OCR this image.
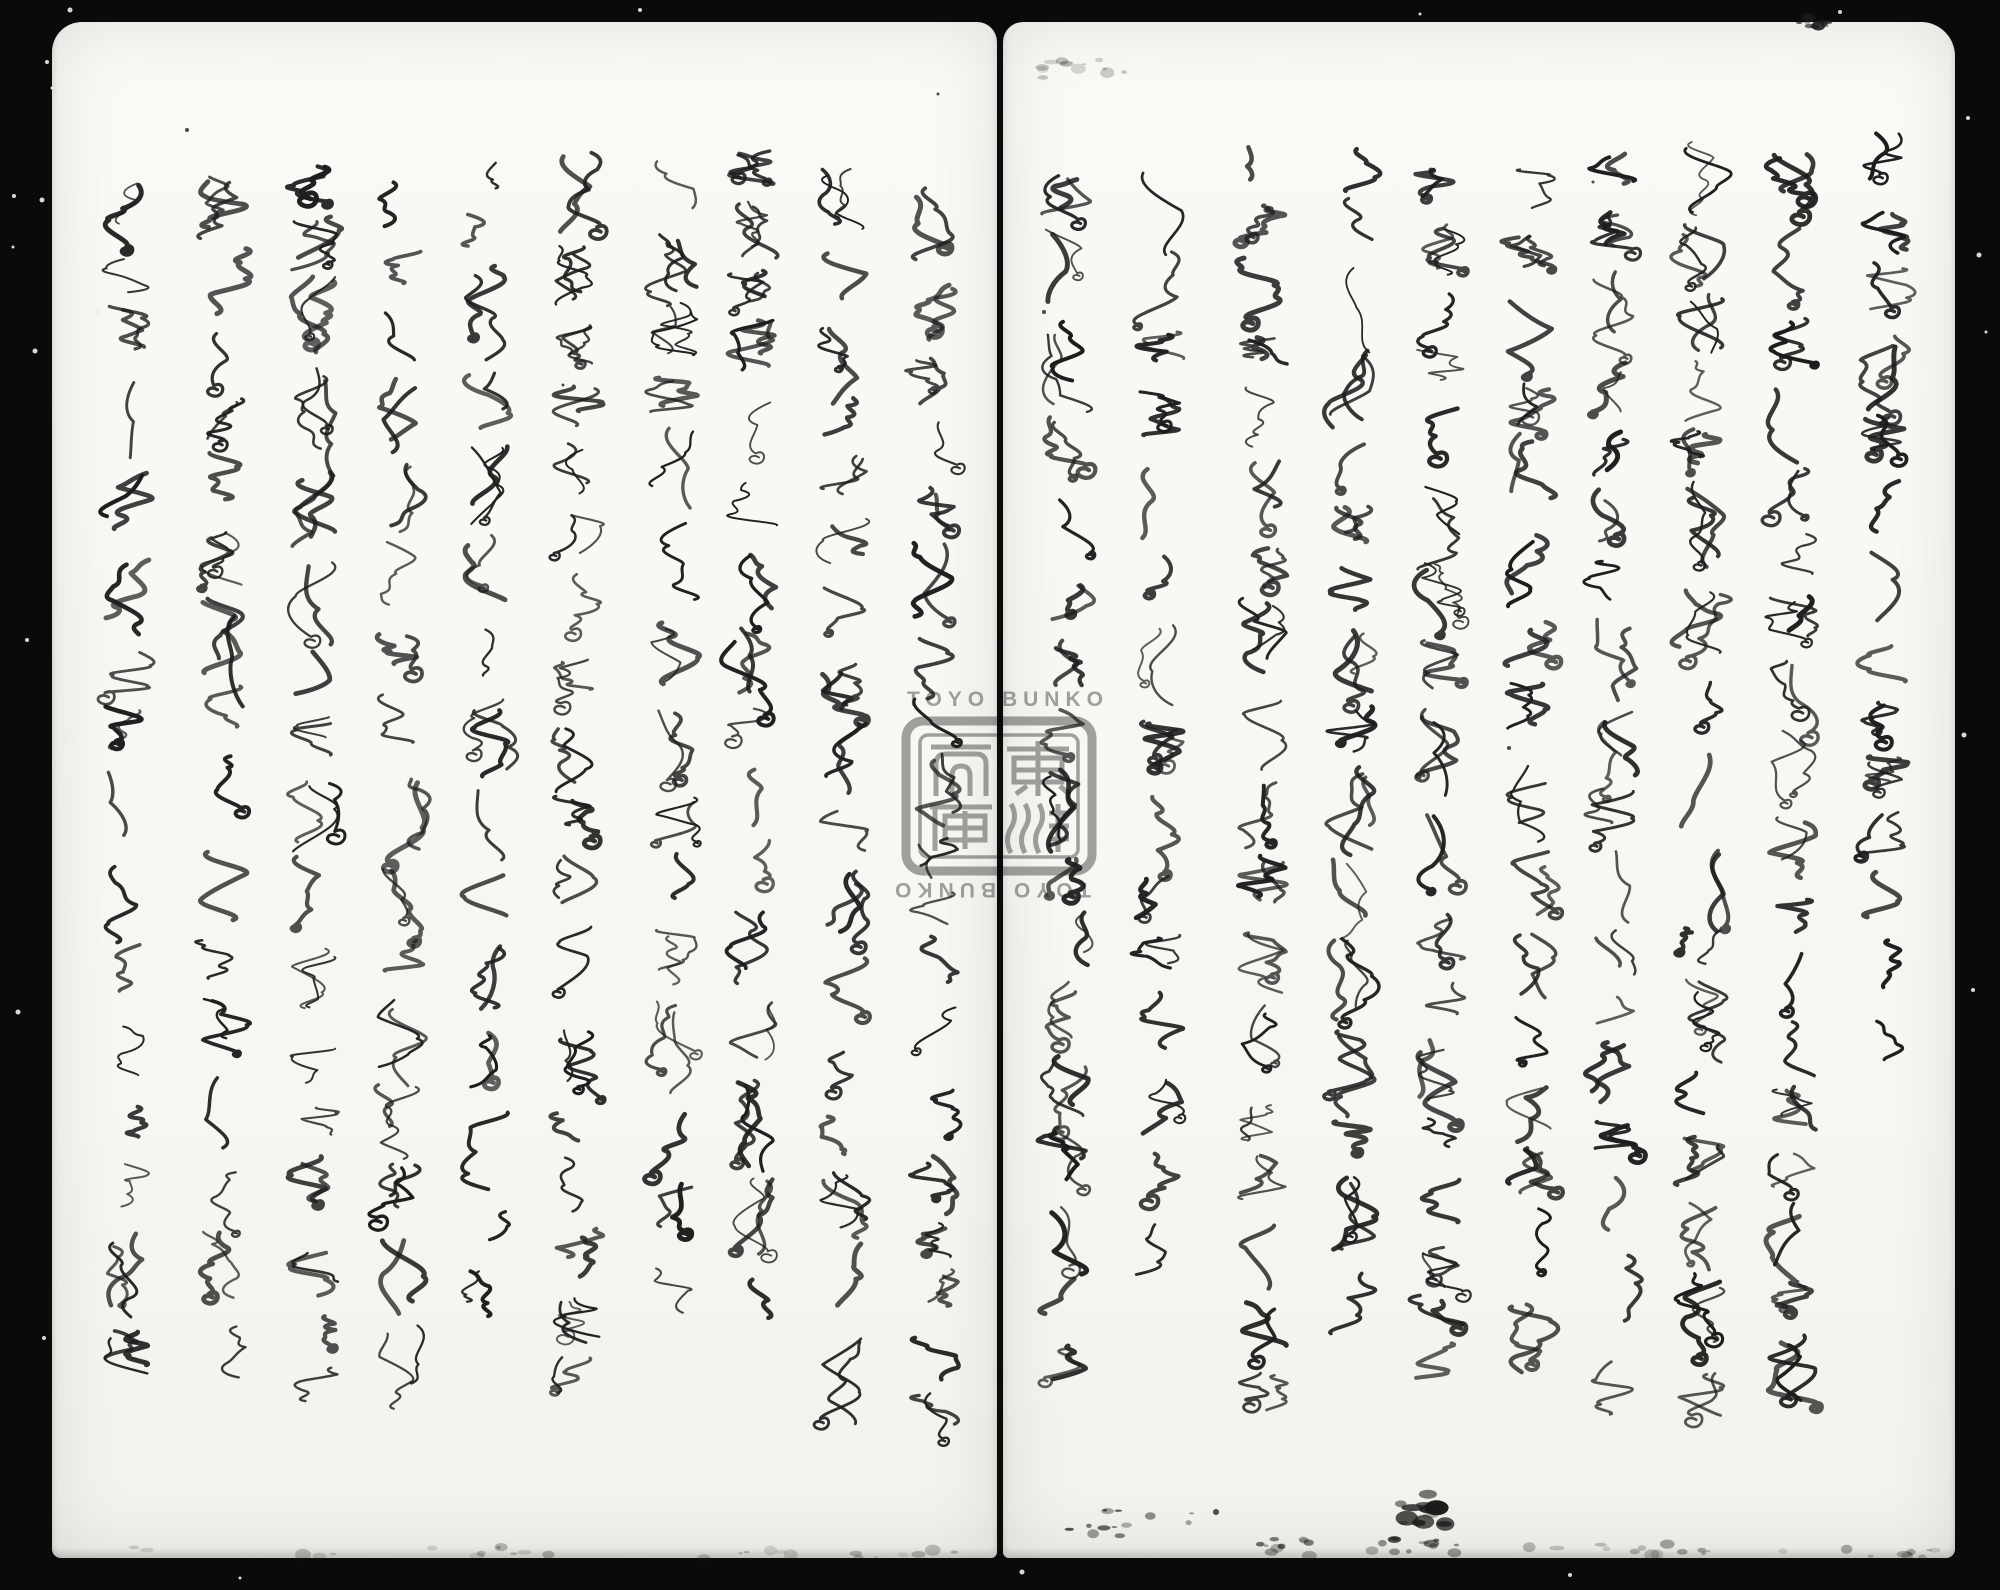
TOYO BUNKO
TOYO BUNKO
